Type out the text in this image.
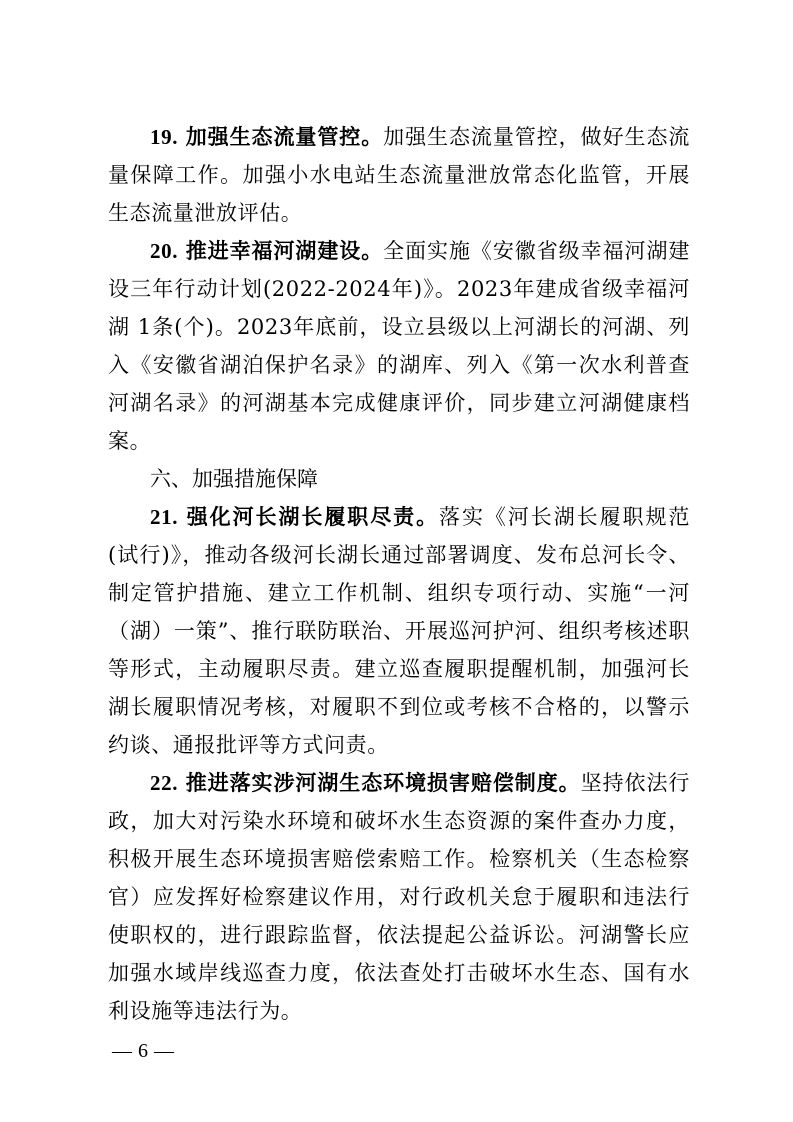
19. 加强生态流量管控。加强生态流量管控，做好生态流量保障工作。加强小水电站生态流量泄放常态化监管，开展生态流量泄放评估。

20. 推进幸福河湖建设。全面实施《安徽省级幸福河湖建设三年行动计划(2022-2024年)》。2023年建成省级幸福河湖 1条(个)。2023年底前，设立县级以上河湖长的河湖、列入《安徽省湖泊保护名录》的湖库、列入《第一次水利普查河湖名录》的河湖基本完成健康评价，同步建立河湖健康档案。

六、加强措施保障

21. 强化河长湖长履职尽责。落实《河长湖长履职规范(试行)》，推动各级河长湖长通过部署调度、发布总河长令、制定管护措施、建立工作机制、组织专项行动、实施“一河（湖）一策”、推行联防联治、开展巡河护河、组织考核述职等形式，主动履职尽责。建立巡查履职提醒机制，加强河长湖长履职情况考核，对履职不到位或考核不合格的，以警示约谈、通报批评等方式问责。

22. 推进落实涉河湖生态环境损害赔偿制度。坚持依法行政，加大对污染水环境和破坏水生态资源的案件查办力度，积极开展生态环境损害赔偿索赔工作。检察机关（生态检察官）应发挥好检察建议作用，对行政机关怠于履职和违法行使职权的，进行跟踪监督，依法提起公益诉讼。河湖警长应加强水域岸线巡查力度，依法查处打击破坏水生态、国有水利设施等违法行为。

— 6 —
